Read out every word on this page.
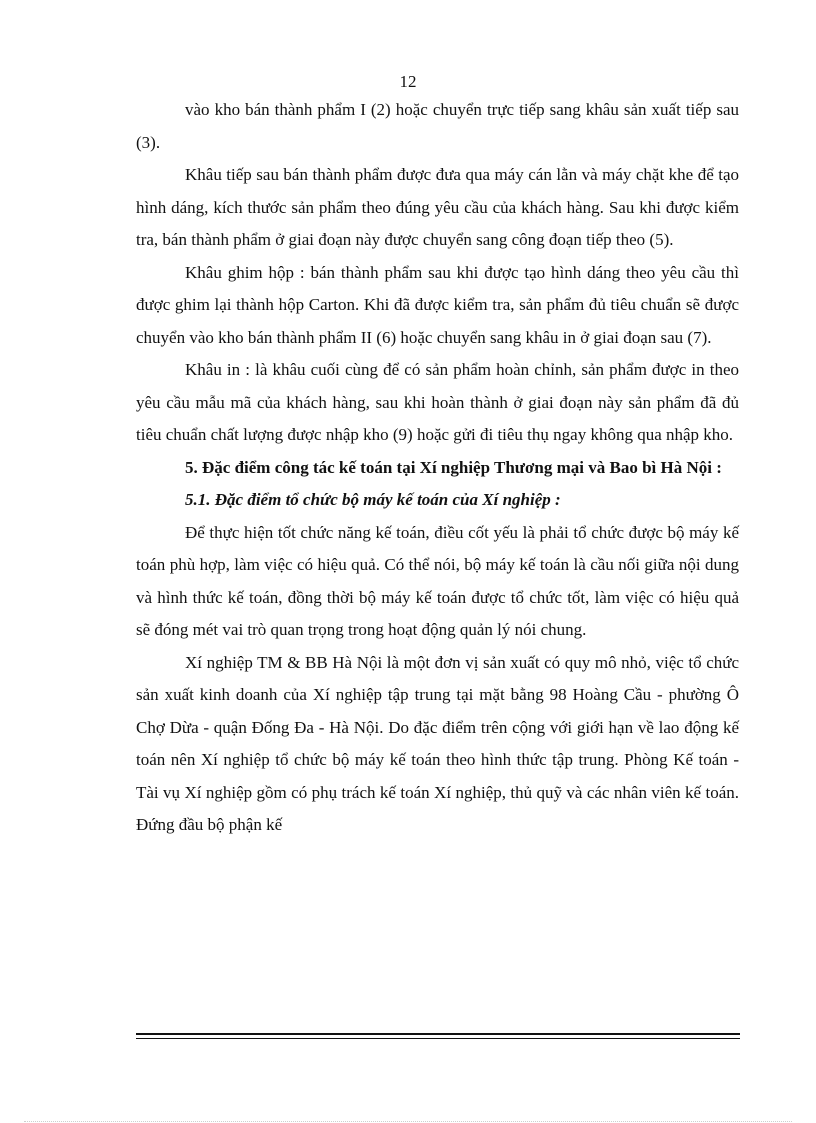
12

vào kho bán thành phẩm I (2) hoặc chuyển trực tiếp sang khâu sản xuất tiếp sau (3).

Khâu tiếp sau bán thành phẩm được đưa qua máy cán lằn và máy chặt khe để tạo hình dáng, kích thước sản phẩm theo đúng yêu cầu của khách hàng. Sau khi được kiểm tra, bán thành phẩm ở giai đoạn này được chuyển sang công đoạn tiếp theo (5).

Khâu ghim hộp : bán thành phẩm sau khi được tạo hình dáng theo yêu cầu thì được ghim lại thành hộp Carton. Khi đã được kiểm tra, sản phẩm đủ tiêu chuẩn sẽ được chuyển vào kho bán thành phẩm II (6) hoặc chuyển sang khâu in ở giai đoạn sau (7).

Khâu in : là khâu cuối cùng để có sản phẩm hoàn chỉnh, sản phẩm được in theo yêu cầu mẫu mã của khách hàng, sau khi hoàn thành ở giai đoạn này sản phẩm đã đủ tiêu chuẩn chất lượng được nhập kho (9) hoặc gửi đi tiêu thụ ngay không qua nhập kho.

5. Đặc điểm công tác kế toán tại Xí nghiệp Thương mại và Bao bì Hà Nội :

5.1. Đặc điểm tổ chức bộ máy kế toán của Xí nghiệp :

Để thực hiện tốt chức năng kế toán, điều cốt yếu là phải tổ chức được bộ máy kế toán phù hợp, làm việc có hiệu quả. Có thể nói, bộ máy kế toán là cầu nối giữa nội dung và hình thức kế toán, đồng thời bộ máy kế toán được tổ chức tốt, làm việc có hiệu quả sẽ đóng mét vai trò quan trọng trong hoạt động quản lý nói chung.

Xí nghiệp TM & BB Hà Nội là một đơn vị sản xuất có quy mô nhỏ, việc tổ chức sản xuất kinh doanh của Xí nghiệp tập trung tại mặt bằng 98 Hoàng Cầu - phường Ô Chợ Dừa - quận Đống Đa - Hà Nội. Do đặc điểm trên cộng với giới hạn về lao động kế toán nên Xí nghiệp tổ chức bộ máy kế toán theo hình thức tập trung. Phòng Kế toán - Tài vụ Xí nghiệp gồm có phụ trách kế toán Xí nghiệp, thủ quỹ và các nhân viên kế toán. Đứng đầu bộ phận kế
